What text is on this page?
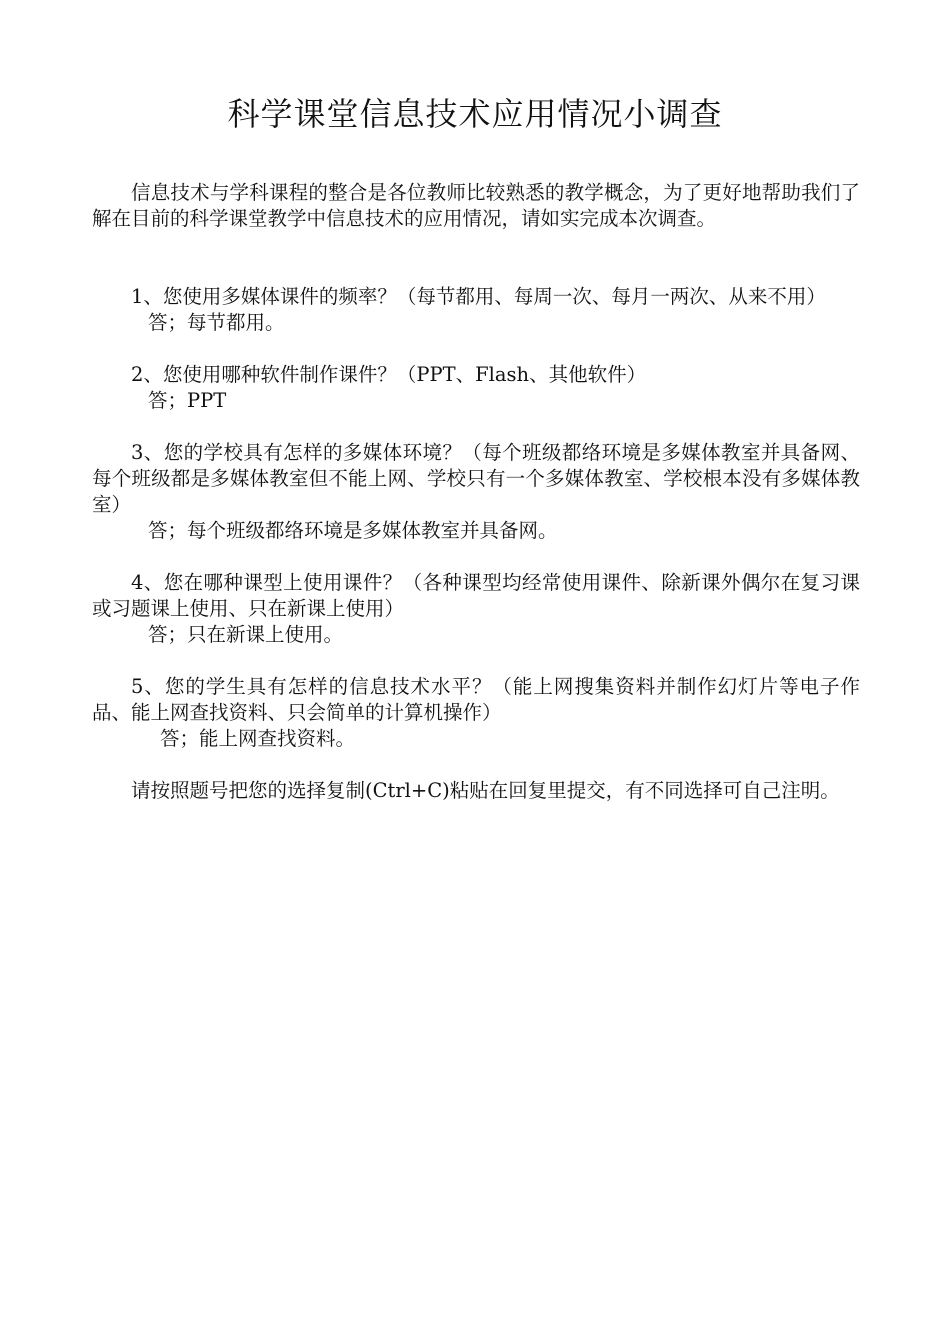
科学课堂信息技术应用情况小调查

信息技术与学科课程的整合是各位教师比较熟悉的教学概念，为了更好地帮助我们了解在目前的科学课堂教学中信息技术的应用情况，请如实完成本次调查。

1、您使用多媒体课件的频率？（每节都用、每周一次、每月一两次、从来不用）

答；每节都用。

2、您使用哪种软件制作课件？（PPT、Flash、其他软件）

答；PPT

3、您的学校具有怎样的多媒体环境？（每个班级都络环境是多媒体教室并具备网、每个班级都是多媒体教室但不能上网、学校只有一个多媒体教室、学校根本没有多媒体教室）

答；每个班级都络环境是多媒体教室并具备网。

4、您在哪种课型上使用课件？（各种课型均经常使用课件、除新课外偶尔在复习课或习题课上使用、只在新课上使用）

答；只在新课上使用。

5、您的学生具有怎样的信息技术水平？（能上网搜集资料并制作幻灯片等电子作品、能上网查找资料、只会简单的计算机操作）

答；能上网查找资料。

请按照题号把您的选择复制(Ctrl+C)粘贴在回复里提交，有不同选择可自己注明。
